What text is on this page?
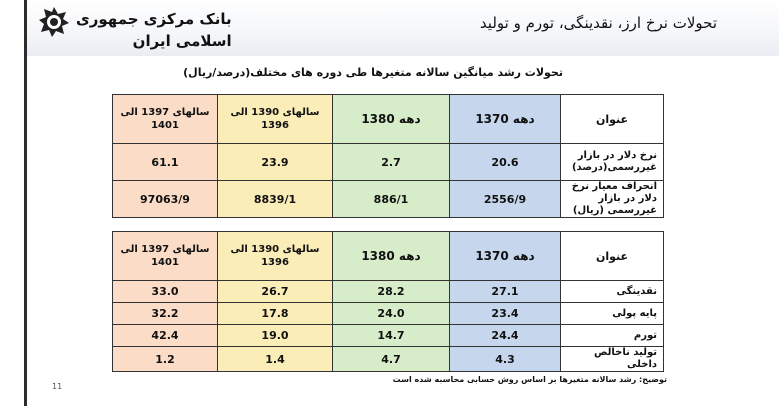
بانک مرکزی جمهوری
اسلامی ایران
تحولات نرخ ارز، نقدینگی، تورم و تولید
تحولات رشد میانگین سالانه متغیرها طی دوره های مختلف(درصد/ریال)
سالهای 1397 الی 1401	سالهای 1390 الی 1396	دهه 1380	دهه 1370	عنوان
61.1	23.9	2.7	20.6	نرخ دلار در بازار غیررسمی(درصد)
97063/9	8839/1	886/1	2556/9	انحراف معیار نرخ دلار در بازار غیررسمی (ریال)
سالهای 1397 الی 1401	سالهای 1390 الی 1396	دهه 1380	دهه 1370	عنوان
33.0	26.7	28.2	27.1	نقدینگی
32.2	17.8	24.0	23.4	پایه پولی
42.4	19.0	14.7	24.4	تورم
1.2	1.4	4.7	4.3	تولید ناخالص داخلی
توضیح: رشد سالانه متغیرها بر اساس روش حسابی محاسبه شده است
11
